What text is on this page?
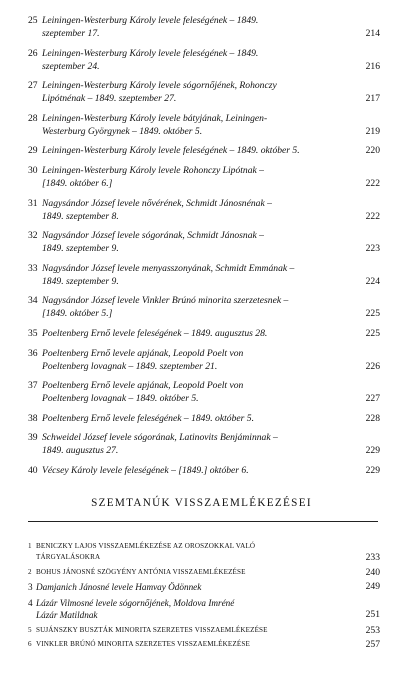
25 Leiningen-Westerburg Károly levele feleségének – 1849.
szeptember 17.	214
26 Leiningen-Westerburg Károly levele feleségének – 1849.
szeptember 24.	216
27 Leiningen-Westerburg Károly levele sógornőjének, Rohonczy
Lipótnénak – 1849. szeptember 27.	217
28 Leiningen-Westerburg Károly levele bátyjának, Leiningen-
Westerburg Györgynek – 1849. október 5.	219
29 Leiningen-Westerburg Károly levele feleségének – 1849. október 5.	220
30 Leiningen-Westerburg Károly levele Rohonczy Lipótnak –
[1849. október 6.]	222
31 Nagysándor József levele nővérének, Schmidt Jánosnénak –
1849. szeptember 8.	222
32 Nagysándor József levele sógorának, Schmidt Jánosnak –
1849. szeptember 9.	223
33 Nagysándor József levele menyasszonyának, Schmidt Emmának –
1849. szeptember 9.	224
34 Nagysándor József levele Vinkler Brúnó minorita szerzetesnek –
[1849. október 5.]	225
35 Poeltenberg Ernő levele feleségének – 1849. augusztus 28.	225
36 Poeltenberg Ernő levele apjának, Leopold Poelt von
Poeltenberg lovagnak – 1849. szeptember 21.	226
37 Poeltenberg Ernő levele apjának, Leopold Poelt von
Poeltenberg lovagnak – 1849. október 5.	227
38 Poeltenberg Ernő levele feleségének – 1849. október 5.	228
39 Schweidel József levele sógorának, Latinovits Benjáminnak –
1849. augusztus 27.	229
40 Vécsey Károly levele feleségének – [1849.] október 6.	229
SZEMTANÚK VISSZAEMLÉKEZÉSEI
1 BENICZKY LAJOS VISSZAEMLÉKEZÉSE AZ OROSZOKKAL VALÓ
TÁRGYALÁSOKRA	233
2 BOHUS JÁNOSNÉ SZÖGYÉNY ANTÓNIA VISSZAEMLÉKEZÉSE	240
3 Damjanich Jánosné levele Hamvay Ödönnek	249
4 Lázár Vilmosné levele sógornőjének, Moldova Imréné
Lázár Matildnak	251
5 SUJÁNSZKY BUSZTÁK MINORITA SZERZETES VISSZAEMLÉKEZÉSE	253
6 VINKLER BRÚNÓ MINORITA SZERZETES VISSZAEMLÉKEZÉSE	257
